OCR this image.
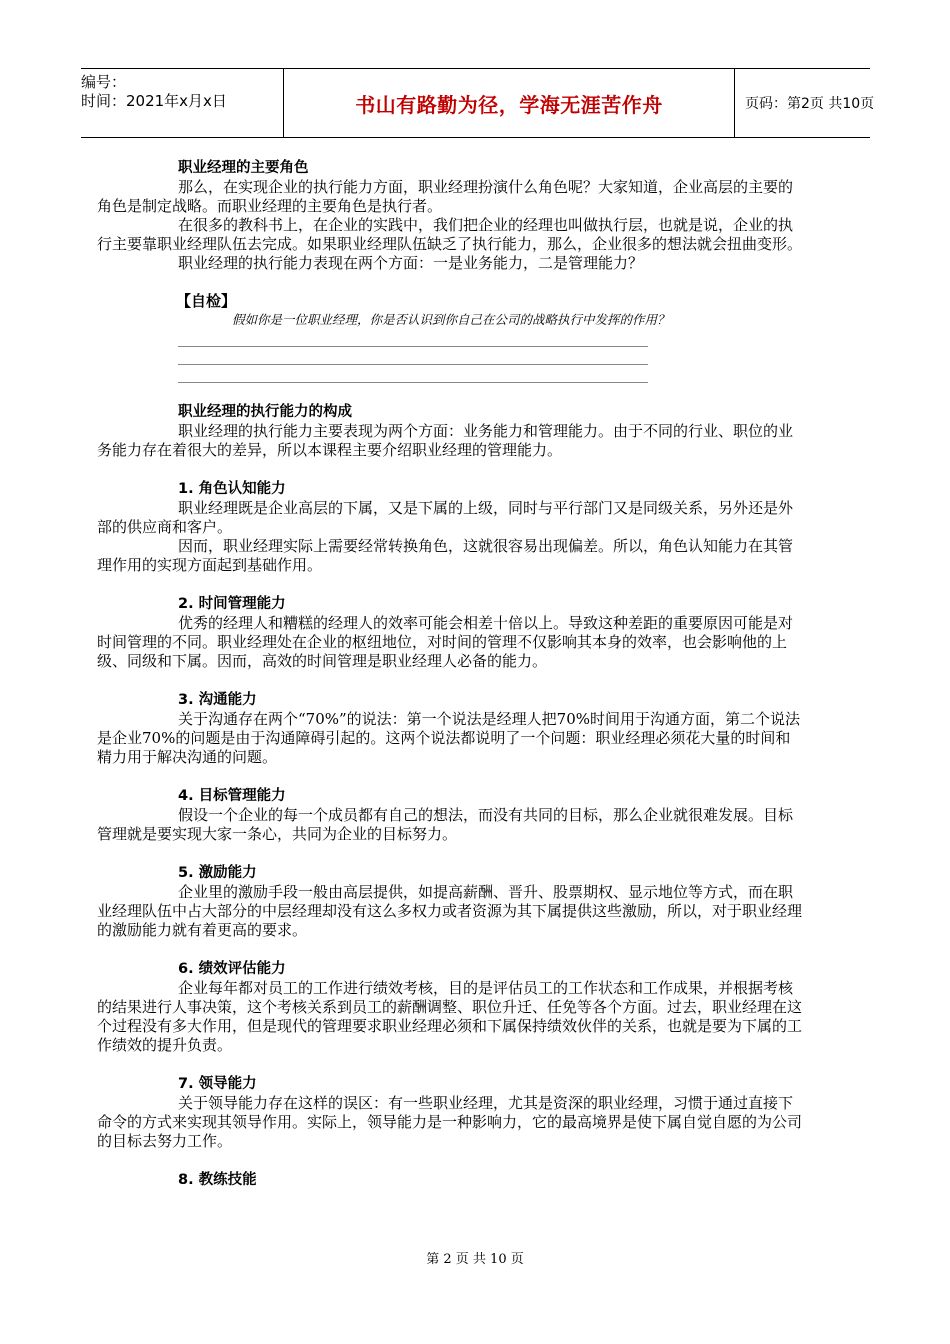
编号：
时间：2021年x月x日	书山有路勤为径，学海无涯苦作舟	页码：第2页 共10页
职业经理的主要角色

那么，在实现企业的执行能力方面，职业经理扮演什么角色呢？大家知道，企业高层的主要的角色是制定战略。而职业经理的主要角色是执行者。

在很多的教科书上，在企业的实践中，我们把企业的经理也叫做执行层，也就是说，企业的执行主要靠职业经理队伍去完成。如果职业经理队伍缺乏了执行能力，那么，企业很多的想法就会扭曲变形。

职业经理的执行能力表现在两个方面：一是业务能力，二是管理能力？

【自检】
假如你是一位职业经理，你是否认识到你自己在公司的战略执行中发挥的作用？
职业经理的执行能力的构成

职业经理的执行能力主要表现为两个方面：业务能力和管理能力。由于不同的行业、职位的业务能力存在着很大的差异，所以本课程主要介绍职业经理的管理能力。

1. 角色认知能力

职业经理既是企业高层的下属，又是下属的上级，同时与平行部门又是同级关系，另外还是外部的供应商和客户。

因而，职业经理实际上需要经常转换角色，这就很容易出现偏差。所以，角色认知能力在其管理作用的实现方面起到基础作用。

2. 时间管理能力

优秀的经理人和糟糕的经理人的效率可能会相差十倍以上。导致这种差距的重要原因可能是对时间管理的不同。职业经理处在企业的枢纽地位，对时间的管理不仅影响其本身的效率，也会影响他的上级、同级和下属。因而，高效的时间管理是职业经理人必备的能力。

3. 沟通能力

关于沟通存在两个“70%”的说法：第一个说法是经理人把70%时间用于沟通方面，第二个说法是企业70%的问题是由于沟通障碍引起的。这两个说法都说明了一个问题：职业经理必须花大量的时间和精力用于解决沟通的问题。

4. 目标管理能力

假设一个企业的每一个成员都有自己的想法，而没有共同的目标，那么企业就很难发展。目标管理就是要实现大家一条心，共同为企业的目标努力。

5. 激励能力

企业里的激励手段一般由高层提供，如提高薪酬、晋升、股票期权、显示地位等方式，而在职业经理队伍中占大部分的中层经理却没有这么多权力或者资源为其下属提供这些激励，所以，对于职业经理的激励能力就有着更高的要求。

6. 绩效评估能力

企业每年都对员工的工作进行绩效考核，目的是评估员工的工作状态和工作成果，并根据考核的结果进行人事决策，这个考核关系到员工的薪酬调整、职位升迁、任免等各个方面。过去，职业经理在这个过程没有多大作用，但是现代的管理要求职业经理必须和下属保持绩效伙伴的关系，也就是要为下属的工作绩效的提升负责。

7. 领导能力

关于领导能力存在这样的误区：有一些职业经理，尤其是资深的职业经理，习惯于通过直接下命令的方式来实现其领导作用。实际上，领导能力是一种影响力，它的最高境界是使下属自觉自愿的为公司的目标去努力工作。

8. 教练技能
第 2 页 共 10 页
